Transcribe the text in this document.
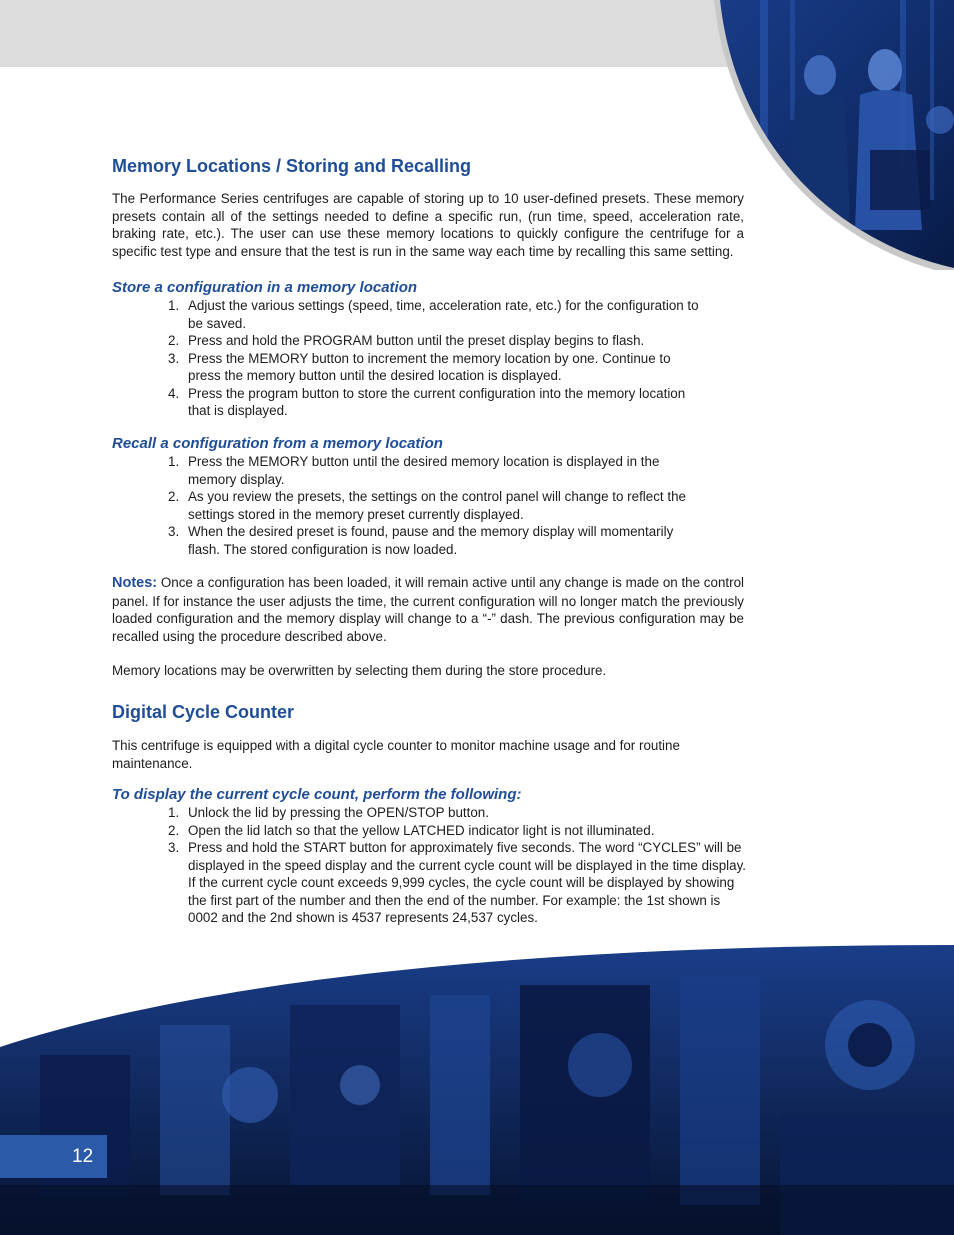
12
Memory Locations / Storing and Recalling

The Performance Series centrifuges are capable of storing up to 10 user-defined presets. These memory presets contain all of the settings needed to define a specific run, (run time, speed, acceleration rate, braking rate, etc.). The user can use these memory locations to quickly configure the centrifuge for a specific test type and ensure that the test is run in the same way each time by recalling this same setting.

Store a configuration in a memory location
1. Adjust the various settings (speed, time, acceleration rate, etc.) for the configuration to be saved.
2. Press and hold the PROGRAM button until the preset display begins to flash.
3. Press the MEMORY button to increment the memory location by one. Continue to press the memory button until the desired location is displayed.
4. Press the program button to store the current configuration into the memory location that is displayed.
Recall a configuration from a memory location
1. Press the MEMORY button until the desired memory location is displayed in the memory display.
2. As you review the presets, the settings on the control panel will change to reflect the settings stored in the memory preset currently displayed.
3. When the desired preset is found, pause and the memory display will momentarily flash. The stored configuration is now loaded.

Notes: Once a configuration has been loaded, it will remain active until any change is made on the control panel. If for instance the user adjusts the time, the current configuration will no longer match the previously loaded configuration and the memory display will change to a “-” dash. The previous configuration may be recalled using the procedure described above.

Memory locations may be overwritten by selecting them during the store procedure.

Digital Cycle Counter

This centrifuge is equipped with a digital cycle counter to monitor machine usage and for routine maintenance.

To display the current cycle count, perform the following:
1. Unlock the lid by pressing the OPEN/STOP button.
2. Open the lid latch so that the yellow LATCHED indicator light is not illuminated.
3. Press and hold the START button for approximately five seconds. The word “CYCLES” will be displayed in the speed display and the current cycle count will be displayed in the time display. If the current cycle count exceeds 9,999 cycles, the cycle count will be displayed by showing the first part of the number and then the end of the number. For example: the 1st shown is 0002 and the 2nd shown is 4537 represents 24,537 cycles.
